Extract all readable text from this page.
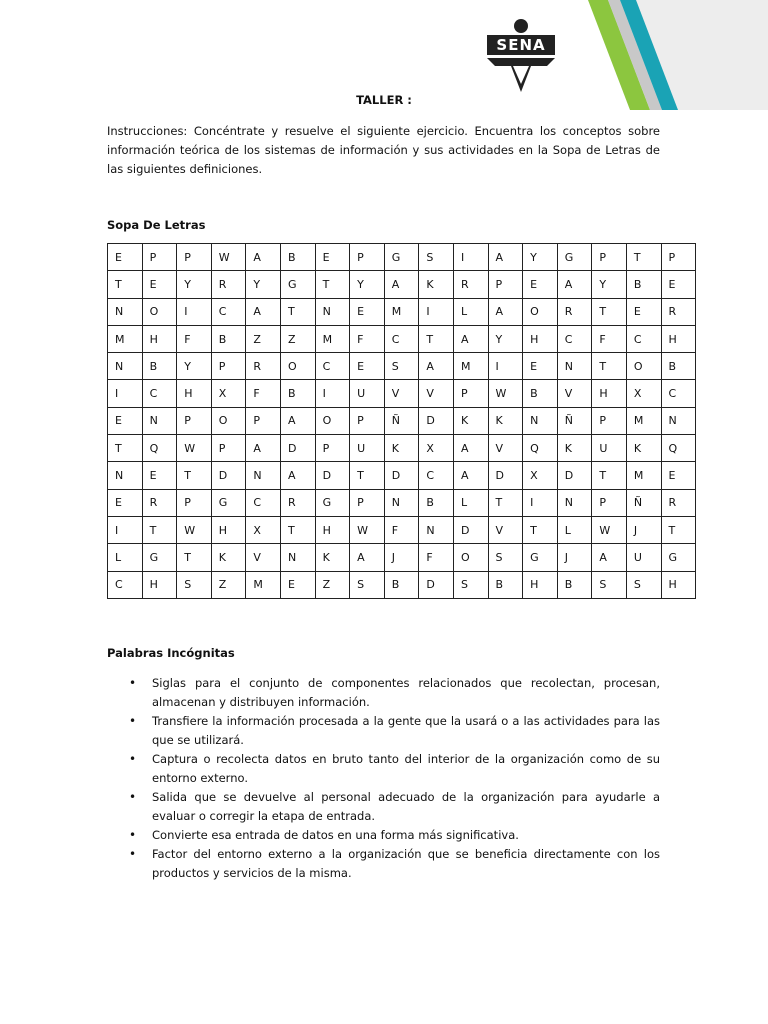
SENA
TALLER :
Instrucciones: Concéntrate y resuelve el siguiente ejercicio. Encuentra los conceptos sobre información teórica de los sistemas de información y sus actividades en la Sopa de Letras de las siguientes definiciones.
Sopa De Letras
E	P	P	W	A	B	E	P	G	S	I	A	Y	G	P	T	P
T	E	Y	R	Y	G	T	Y	A	K	R	P	E	A	Y	B	E
N	O	I	C	A	T	N	E	M	I	L	A	O	R	T	E	R
M	H	F	B	Z	Z	M	F	C	T	A	Y	H	C	F	C	H
N	B	Y	P	R	O	C	E	S	A	M	I	E	N	T	O	B
I	C	H	X	F	B	I	U	V	V	P	W	B	V	H	X	C
E	N	P	O	P	A	O	P	Ñ	D	K	K	N	Ñ	P	M	N
T	Q	W	P	A	D	P	U	K	X	A	V	Q	K	U	K	Q
N	E	T	D	N	A	D	T	D	C	A	D	X	D	T	M	E
E	R	P	G	C	R	G	P	N	B	L	T	I	N	P	Ñ	R
I	T	W	H	X	T	H	W	F	N	D	V	T	L	W	J	T
L	G	T	K	V	N	K	A	J	F	O	S	G	J	A	U	G
C	H	S	Z	M	E	Z	S	B	D	S	B	H	B	S	S	H
Palabras Incógnitas
• Siglas para el conjunto de componentes relacionados que recolectan, procesan, almacenan y distribuyen información.
• Transfiere la información procesada a la gente que la usará o a las actividades para las que se utilizará.
• Captura o recolecta datos en bruto tanto del interior de la organización como de su entorno externo.
• Salida que se devuelve al personal adecuado de la organización para ayudarle a evaluar o corregir la etapa de entrada.
• Convierte esa entrada de datos en una forma más significativa.
• Factor del entorno externo a la organización que se beneficia directamente con los productos y servicios de la misma.
